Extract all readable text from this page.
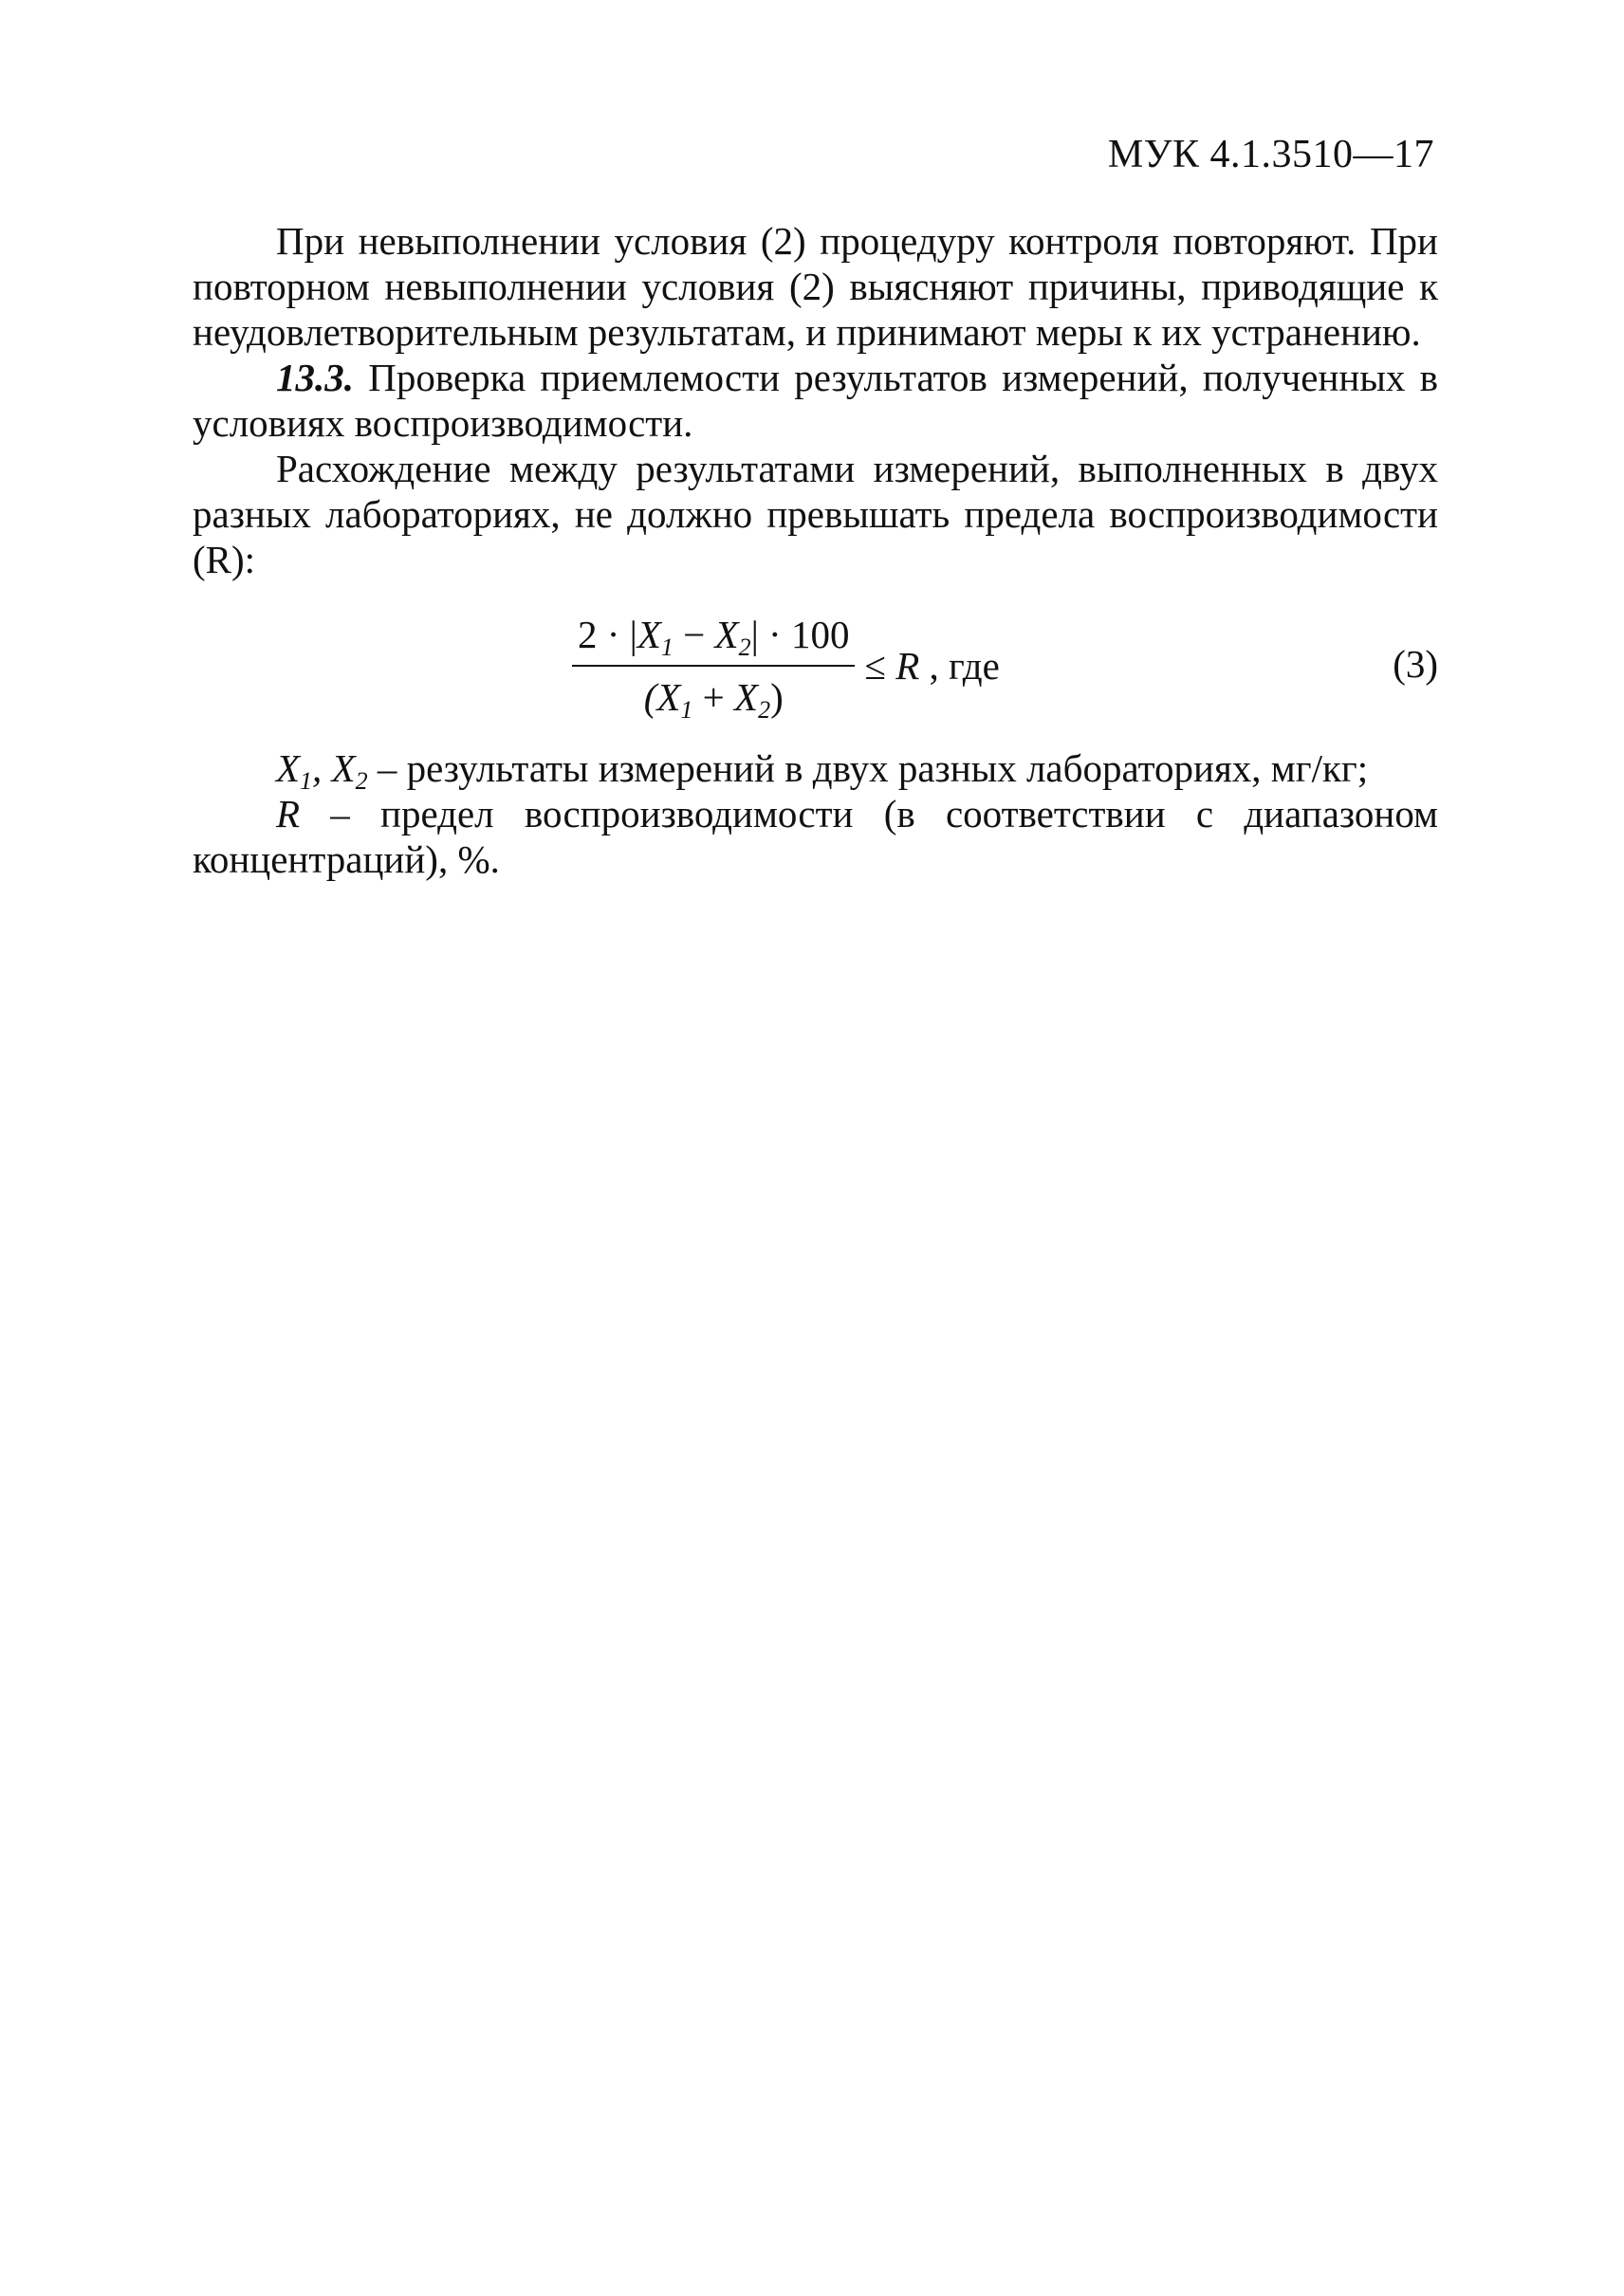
МУК 4.1.3510—17

При невыполнении условия (2) процедуру контроля повторяют. При повторном невыполнении условия (2) выясняют причины, приводящие к неудовлетворительным результатам, и принимают меры к их устранению.

13.3. Проверка приемлемости результатов измерений, полученных в условиях воспроизводимости.

Расхождение между результатами измерений, выполненных в двух разных лабораториях, не должно превышать предела воспроизводимости (R):

$\frac{2 \cdot |X_1 - X_2| \cdot 100}{(X_1 + X_2)} \le R$ , где	(3)

$X_1$, $X_2$ – результаты измерений в двух разных лабораториях, мг/кг;

R – предел воспроизводимости (в соответствии с диапазоном концентраций), %.
